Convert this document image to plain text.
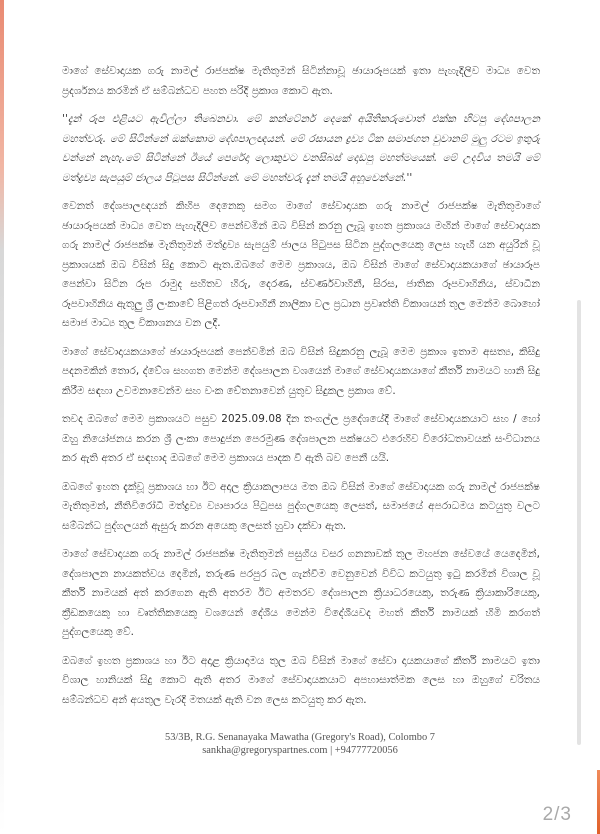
මාගේ සේවාදායක ගරු නාමල් රාජපක්ෂ මැතිතුමන් සිටින්නාවූ ඡායාරූපයක් ඉතා පැහැදිලිව මාධ්‍ය වෙත ප්‍රදර්ශනය කරමින් ඒ සම්බන්ධව පහත පරිදි ප්‍රකාශ කොට ඇත.

''දැන් රූප එළියට ඇවිල්ලා තිබෙනවා. මේ කන්ටේනර් දෙකේ අයිතිකරුවොත් එක්ක හිටපු දේශපාලන මහත්වරු. මේ සිටින්නේ ඔක්කොම දේශපාලඥයන්. මේ රසායන ද්‍රව්‍ය ටික සමාජගත වුවානම් මුලු රටම ඉතුරු වන්නේ නැහැ.මේ සිටින්නේ ඊයේ පෙරේදා ලොකුවට වනසිබස් දොඩපු මහත්මයෙක්. මේ උදවිය තමයි මේ මත්ද්‍රව්‍ය සැපයුම් ජාලය පිටුපස සිටින්නේ. මේ මහත්වරු දැන් තමයි අහුවෙන්නේ.''

වෙනත් දේශපාලඥයන් කිහිප දෙනෙකු සමග මාගේ සේවාදායක ගරු නාමල් රාජපක්ෂ මැතිතුමාගේ ඡායාරූපයක් මාධ්‍ය වෙත පැහැදිලිව පෙන්වමින් ඔබ විසින් කරනු ලැබූ ඉහත ප්‍රකාශය මඟින් මාගේ සේවාදායක ගරු නාමල් රාජපක්ෂ මැතිතුමන් මත්ද්‍රව්‍ය සැපයුම් ජාලය පිටුපස සිටින පුද්ගලයෙකු ලෙස හැඟී යන අයුරින් වූ ප්‍රකාශයක් ඔබ විසින් සිදු කොට ඇත.ඔබගේ මෙම ප්‍රකාශය, ඔබ විසින් මාගේ සේවාදායකයාගේ ඡායාරූප පෙන්වා සිටින රූප රාමුද සහිතව හිරු, දෙරණ, ස්වර්ණවාහිනී, සිරස, ජාතික රූපවාහිනිය, ස්වාධීන රූපවාහිනිය ඇතුලු ශ්‍රී ලංකාවේ පිළිගත් රූපවාහිනී නාලිකා වල ප්‍රධාන ප්‍රවෘත්ති විකාශයන් තුල මෙන්ම බොහෝ සමාජ මාධ්‍ය තුල විකාශනය වන ලදී.

මාගේ සේවාදායකයාගේ ඡායාරූපයක් පෙන්වමින් ඔබ විසින් සිදුකරනු ලැබූ මෙම ප්‍රකාශ ඉතාම අසත්‍ය, කිසිදු පදනමකින් තොර, ද්වේශ සහගත මෙන්ම දේශපාලන වශයෙන් මාගේ සේවාදායකයාගේ කීර්ති නාමයට හානි සිදු කිරීම සඳහා උවමනාවෙන්ම සහ වංක චේතනාවෙන් යුතුව සිදුකල ප්‍රකාශ වේ.

තවද ඔබගේ මෙම ප්‍රකාශයට පසුව 2025.09.08 දින තංගල්ල ප්‍රදේශයේදී මාගේ සේවාදායකයාට සහ / හෝ ඔහු නියෝජනය කරන ශ්‍රී ලංකා පොදුජන පෙරමුණ දේශපාලන පක්ෂයට එරෙහිව විරෝධතාවයක් සංවිධානය කර ඇති අතර ඒ සඳහාද ඔබගේ මෙම ප්‍රකාශය පාදක වී ඇති බව පෙනී යයි.

ඔබගේ ඉහත දැක්වූ ප්‍රකාශය හා ඊට අදාල ක්‍රියාකලාපය මත ඔබ විසින් මාගේ සේවාදායක ගරු නාමල් රාජපක්ෂ මැතිතුමන්, නීතිවිරෝධී මත්ද්‍රව්‍ය ව්‍යාපාරය පිටුපස පුද්ගලයෙකු ලෙසත්, සමාජයේ අපරාධමය කටයුතු වලට සම්බන්ධ පුද්ගලයන් ඇසුරු කරන අයෙකු ලෙසත් හුවා දක්වා ඇත.

මාගේ සේවාදායක ගරු නාමල් රාජපක්ෂ මැතිතුමන් පසුගිය වසර ගනනාවක් තුල මහජන සේවයේ යෙදෙමින්, දේශපාලන නායකත්වය දෙමින්, තරුණ පරපුර බල ගැන්වීම වෙනුවෙන් විවිධ කටයුතු ඉටු කරමින් විශාල වූ කීර්ති නාමයක් අත් කරගෙන ඇති අතරම ඊට අමතරව දේශපාලන ක්‍රියාධරයෙකු, තරුණ ක්‍රියාකාරියෙකු, ක්‍රීඩකයෙකු හා වෘත්තිකයෙකු වශයෙන් දේශීය මෙන්ම විදේශීයවද මහත් කීර්ති නාමයක් හිමි කරගත් පුද්ගලයෙකු වේ.

ඔබගේ ඉහත ප්‍රකාශය හා ඊට අදාළ ක්‍රියාදාමය තුල ඔබ විසින් මාගේ සේවා දායකයාගේ කීර්ති නාමයට ඉතා විශාල හානියක් සිදු කොට ඇති අතර මාගේ සේවාදායකයාට අපහාසාත්මක ලෙස හා ඔහුගේ චරිතය සම්බන්ධව අන් අයතුල වැරදි මතයක් ඇති වන ලෙස කටයුතු කර ඇත.

53/3B, R.G. Senanayaka Mawatha (Gregory's Road), Colombo 7
sankha@gregoryspartnes.com | +94777720056
2/3
